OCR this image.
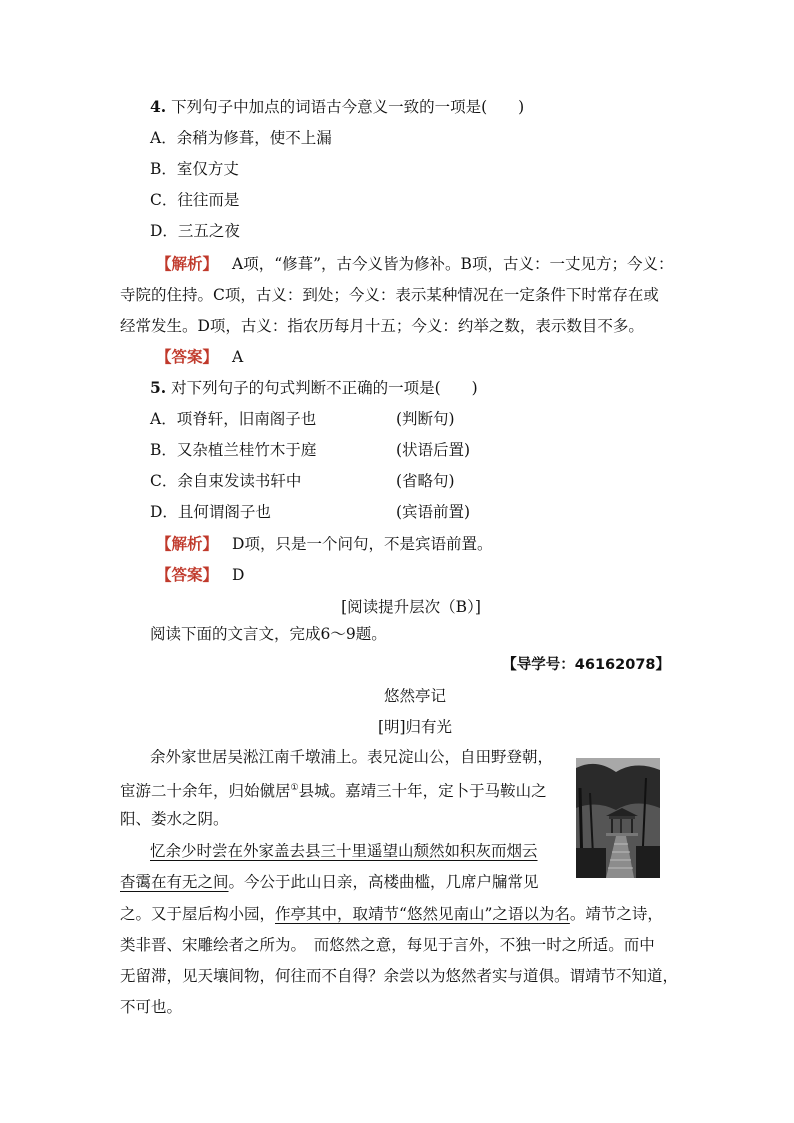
4. 下列句子中加点的词语古今意义一致的一项是(　　)
A．余稍为修葺，使不上漏
B．室仅方丈
C．往往而是
D．三五之夜
【解析】 A项，“修葺”，古今义皆为修补。B项，古义：一丈见方；今义：
寺院的住持。C项，古义：到处；今义：表示某种情况在一定条件下时常存在或
经常发生。D项，古义：指农历每月十五；今义：约举之数，表示数目不多。
【答案】 A
5. 对下列句子的句式判断不正确的一项是(　　)
A．项脊轩，旧南阁子也	(判断句)
B．又杂植兰桂竹木于庭	(状语后置)
C．余自束发读书轩中	(省略句)
D．且何谓阁子也	(宾语前置)
【解析】 D项，只是一个问句，不是宾语前置。
【答案】 D
[阅读提升层次（B）]
阅读下面的文言文，完成6～9题。
【导学号：46162078】
悠然亭记
[明]归有光
余外家世居吴淞江南千墩浦上。表兄淀山公，自田野登朝，
宦游二十余年，归始僦居①县城。嘉靖三十年，定卜于马鞍山之
阳、娄水之阴。
忆余少时尝在外家盖去县三十里遥望山颓然如积灰而烟云
杳霭在有无之间。今公于此山日亲，高楼曲槛，几席户牖常见
之。又于屋后构小园，作亭其中，取靖节“悠然见南山”之语以为名。靖节之诗，
类非晋、宋雕绘者之所为。　而悠然之意，每见于言外，不独一时之所适。而中
无留滞，见天壤间物，何往而不自得？余尝以为悠然者实与道俱。谓靖节不知道，
不可也。
